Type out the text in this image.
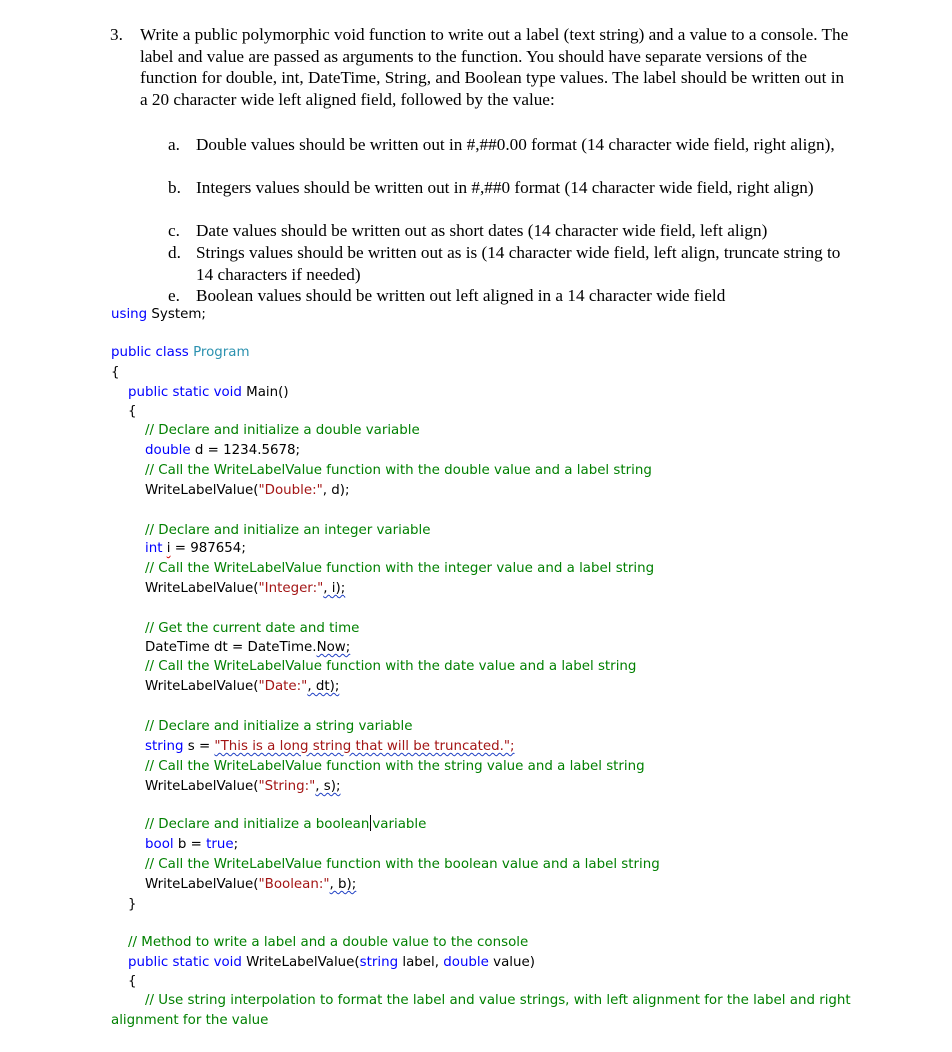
3. Write a public polymorphic void function to write out a label (text string) and a value to a console. The label and value are passed as arguments to the function. You should have separate versions of the function for double, int, DateTime, String, and Boolean type values. The label should be written out in a 20 character wide left aligned field, followed by the value:
a. Double values should be written out in #,##0.00 format (14 character wide field, right align),
b. Integers values should be written out in #,##0 format (14 character wide field, right align)
c. Date values should be written out as short dates (14 character wide field, left align)
d. Strings values should be written out as is (14 character wide field, left align, truncate string to 14 characters if needed)
e. Boolean values should be written out left aligned in a 14 character wide field
using System;
public class Program
{
public static void Main()
{
// Declare and initialize a double variable
double d = 1234.5678;
// Call the WriteLabelValue function with the double value and a label string
WriteLabelValue("Double:", d);
// Declare and initialize an integer variable
int i = 987654;
// Call the WriteLabelValue function with the integer value and a label string
WriteLabelValue("Integer:", i);
// Get the current date and time
DateTime dt = DateTime.Now;
// Call the WriteLabelValue function with the date value and a label string
WriteLabelValue("Date:", dt);
// Declare and initialize a string variable
string s = "This is a long string that will be truncated.";
// Call the WriteLabelValue function with the string value and a label string
WriteLabelValue("String:", s);
// Declare and initialize a boolean variable
bool b = true;
// Call the WriteLabelValue function with the boolean value and a label string
WriteLabelValue("Boolean:", b);
}
// Method to write a label and a double value to the console
public static void WriteLabelValue(string label, double value)
{
// Use string interpolation to format the label and value strings, with left alignment for the label and right
alignment for the value
